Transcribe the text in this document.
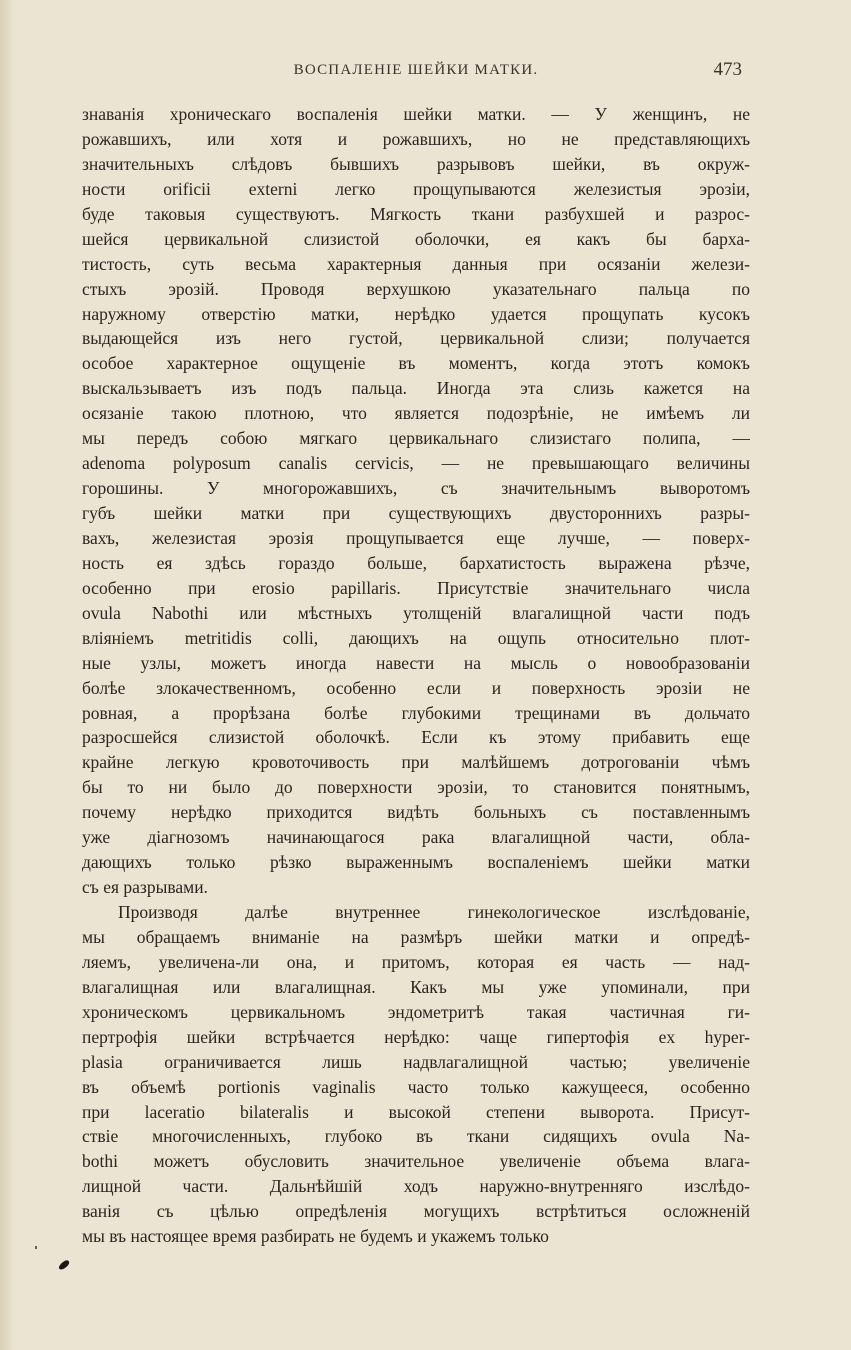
ВОСПАЛЕНІЕ ШЕЙКИ МАТКИ.	473
знаванія хроническаго воспаленія шейки матки. — У женщинъ, не
рожавшихъ, или хотя и рожавшихъ, но не представляющихъ
значительныхъ слѣдовъ бывшихъ разрывовъ шейки, въ окруж-
ности orificii externi легко прощупываются железистыя эрозіи,
буде таковыя существуютъ. Мягкость ткани разбухшей и разрос-
шейся цервикальной слизистой оболочки, ея какъ бы барха-
тистость, суть весьма характерныя данныя при осязаніи желези-
стыхъ эрозій. Проводя верхушкою указательнаго пальца по
наружному отверстію матки, нерѣдко удается прощупать кусокъ
выдающейся изъ него густой, цервикальной слизи; получается
особое характерное ощущеніе въ моментъ, когда этотъ комокъ
выскальзываетъ изъ подъ пальца. Иногда эта слизь кажется на
осязаніе такою плотною, что является подозрѣніе, не имѣемъ ли
мы передъ собою мягкаго цервикальнаго слизистаго полипа, —
adenoma polyposum canalis cervicis, — не превышающаго величины
горошины. У многорожавшихъ, съ значительнымъ выворотомъ
губъ шейки матки при существующихъ двустороннихъ разры-
вахъ, железистая эрозія прощупывается еще лучше, — поверх-
ность ея здѣсь гораздо больше, бархатистость выражена рѣзче,
особенно при erosio papillaris. Присутствіе значительнаго числа
ovula Nabothi или мѣстныхъ утолщеній влагалищной части подъ
вліяніемъ metritidis colli, дающихъ на ощупь относительно плот-
ные узлы, можетъ иногда навести на мысль о новообразованіи
болѣе злокачественномъ, особенно если и поверхность эрозіи не
ровная, а прорѣзана болѣе глубокими трещинами въ дольчато
разросшейся слизистой оболочкѣ. Если къ этому прибавить еще
крайне легкую кровоточивость при малѣйшемъ дотрогованіи чѣмъ
бы то ни было до поверхности эрозіи, то становится понятнымъ,
почему нерѣдко приходится видѣть больныхъ съ поставленнымъ
уже діагнозомъ начинающагося рака влагалищной части, обла-
дающихъ только рѣзко выраженнымъ воспаленіемъ шейки матки
съ ея разрывами.
Производя далѣе внутреннее гинекологическое изслѣдованіе,
мы обращаемъ вниманіе на размѣръ шейки матки и опредѣ-
ляемъ, увеличена-ли она, и притомъ, которая ея часть — над-
влагалищная или влагалищная. Какъ мы уже упоминали, при
хроническомъ цервикальномъ эндометритѣ такая частичная ги-
пертрофія шейки встрѣчается нерѣдко: чаще гипертофія ex hyper-
plasia ограничивается лишь надвлагалищной частью; увеличеніе
въ объемѣ portionis vaginalis часто только кажущееся, особенно
при laceratio bilateralis и высокой степени выворота. Присут-
ствіе многочисленныхъ, глубоко въ ткани сидящихъ ovula Na-
bothi можетъ обусловить значительное увеличеніе объема влага-
лищной части. Дальнѣйшій ходъ наружно-внутренняго изслѣдо-
ванія съ цѣлью опредѣленія могущихъ встрѣтиться осложненій
мы въ настоящее время разбирать не будемъ и укажемъ только
